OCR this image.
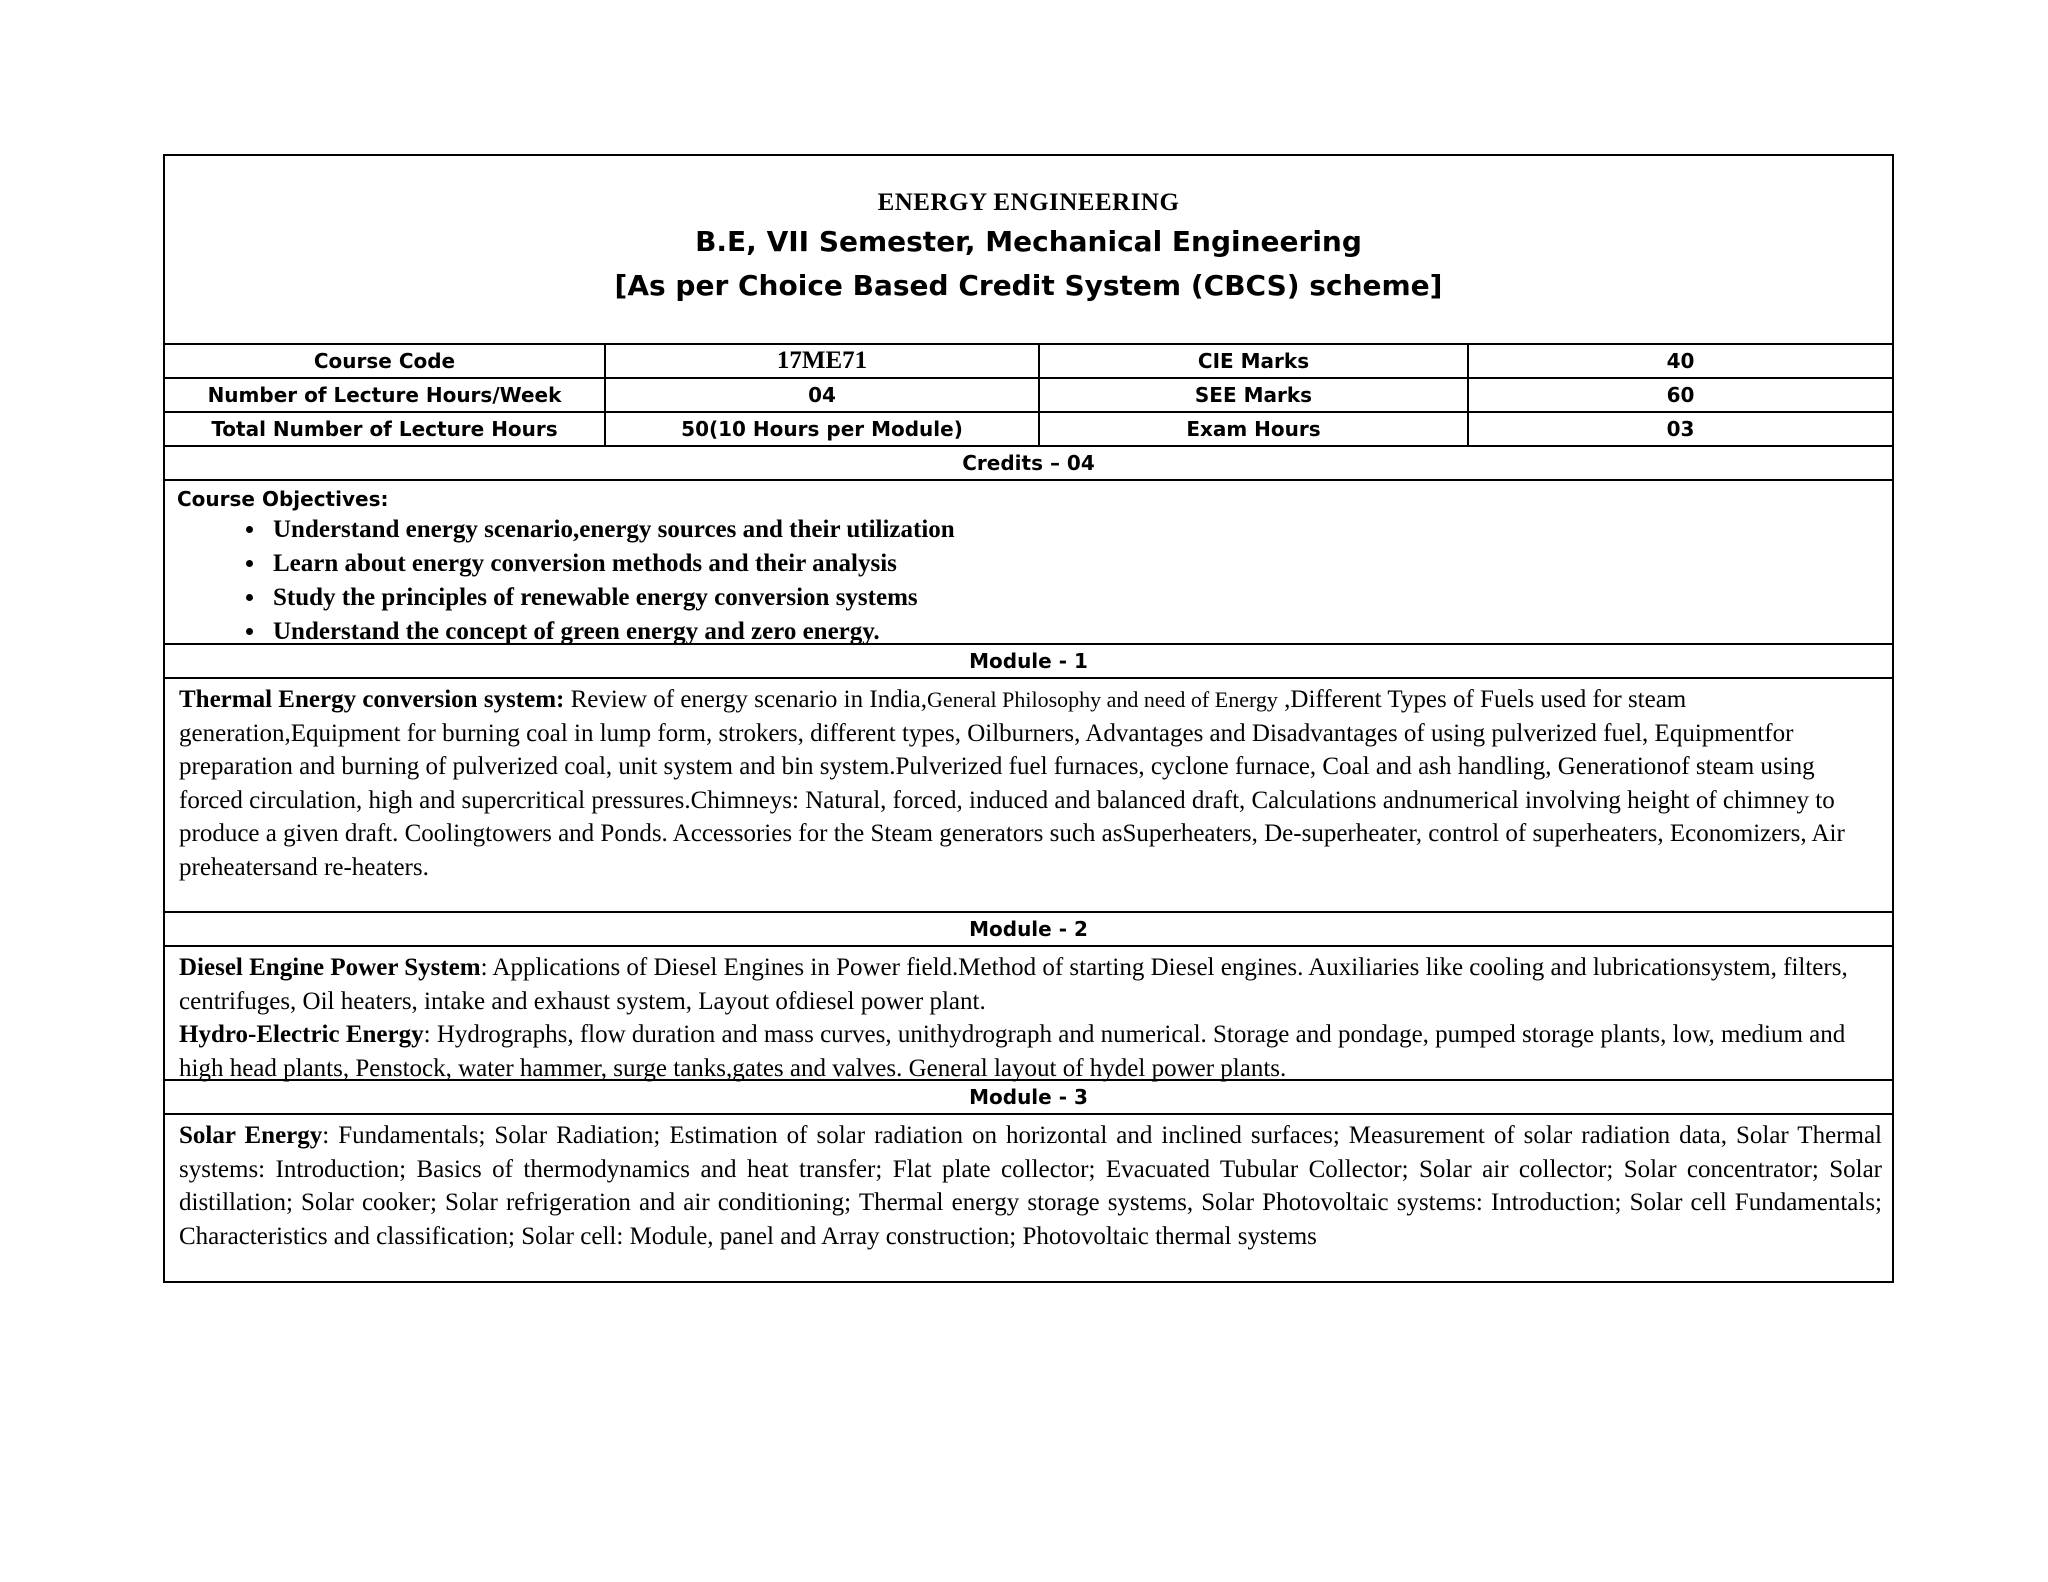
ENERGY ENGINEERING
B.E, VII Semester, Mechanical Engineering
[As per Choice Based Credit System (CBCS) scheme]
Course Code	17ME71	CIE Marks	40
Number of Lecture Hours/Week	04	SEE Marks	60
Total Number of Lecture Hours	50(10 Hours per Module)	Exam Hours	03
Credits – 04
Course Objectives:
• Understand energy scenario,energy sources and their utilization
• Learn about energy conversion methods and their analysis
• Study the principles of renewable energy conversion systems
• Understand the concept of green energy and zero energy.
Module - 1
Thermal Energy conversion system: Review of energy scenario in India,General Philosophy and need of Energy ,Different Types of Fuels used for steam generation,Equipment for burning coal in lump form, strokers, different types, Oilburners, Advantages and Disadvantages of using pulverized fuel, Equipmentfor preparation and burning of pulverized coal, unit system and bin system.Pulverized fuel furnaces, cyclone furnace, Coal and ash handling, Generationof steam using forced circulation, high and supercritical pressures.Chimneys: Natural, forced, induced and balanced draft, Calculations andnumerical involving height of chimney to produce a given draft. Coolingtowers and Ponds. Accessories for the Steam generators such asSuperheaters, De-superheater, control of superheaters, Economizers, Air preheatersand re-heaters.
Module - 2
Diesel Engine Power System: Applications of Diesel Engines in Power field.Method of starting Diesel engines. Auxiliaries like cooling and lubricationsystem, filters, centrifuges, Oil heaters, intake and exhaust system, Layout ofdiesel power plant.
Hydro-Electric Energy: Hydrographs, flow duration and mass curves, unithydrograph and numerical. Storage and pondage, pumped storage plants, low, medium and high head plants, Penstock, water hammer, surge tanks,gates and valves. General layout of hydel power plants.
Module - 3
Solar Energy: Fundamentals; Solar Radiation; Estimation of solar radiation on horizontal and inclined surfaces; Measurement of solar radiation data, Solar Thermal systems: Introduction; Basics of thermodynamics and heat transfer; Flat plate collector; Evacuated Tubular Collector; Solar air collector; Solar concentrator; Solar distillation; Solar cooker; Solar refrigeration and air conditioning; Thermal energy storage systems, Solar Photovoltaic systems: Introduction; Solar cell Fundamentals; Characteristics and classification; Solar cell: Module, panel and Array construction; Photovoltaic thermal systems
